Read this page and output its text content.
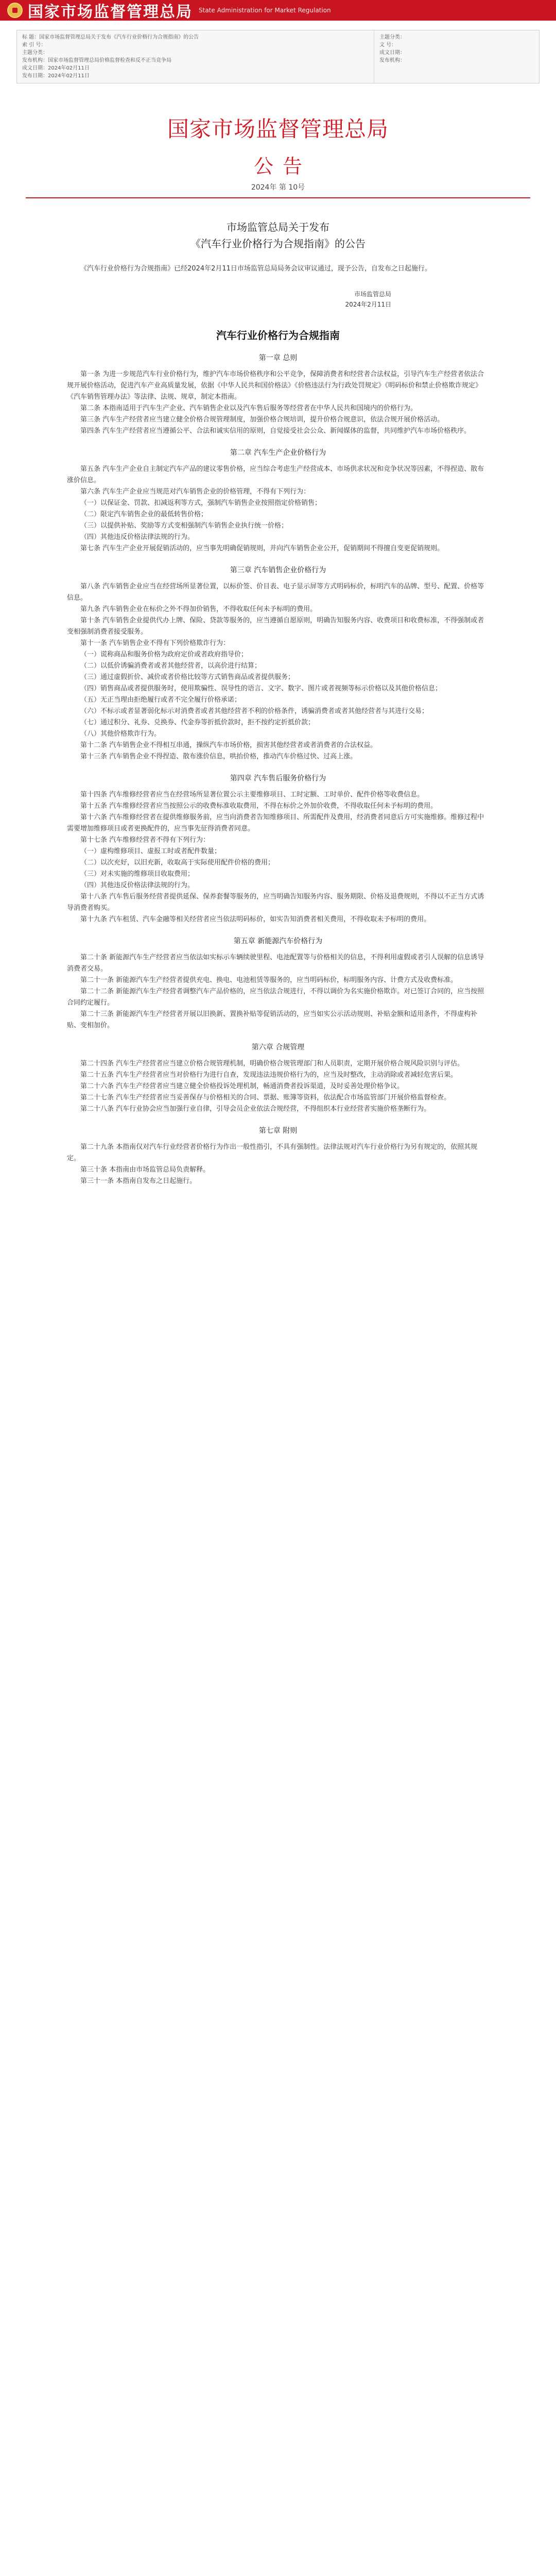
国家市场监督管理总局 State Administration for Market Regulation
标 题：国家市场监督管理总局关于发布《汽车行业价格行为合规指南》的公告
索 引 号：
主题分类：
发布机构：国家市场监督管理总局价格监督检查和反不正当竞争局
成文日期：2024年02月11日
发布日期：2024年02月11日
主题分类：
文 号：
成文日期：
发布机构：
国家市场监督管理总局
公告
2024年 第 10号
市场监管总局关于发布
《汽车行业价格行为合规指南》的公告

《汽车行业价格行为合规指南》已经2024年2月11日市场监管总局局务会议审议通过，现予公告，自发布之日起施行。

市场监管总局
2024年2月11日
汽车行业价格行为合规指南
第一章 总则

第一条 为进一步规范汽车行业价格行为，维护汽车市场价格秩序和公平竞争，保障消费者和经营者合法权益，引导汽车生产经营者依法合规开展价格活动，促进汽车产业高质量发展，依据《中华人民共和国价格法》《价格违法行为行政处罚规定》《明码标价和禁止价格欺诈规定》《汽车销售管理办法》等法律、法规、规章，制定本指南。

第二条 本指南适用于汽车生产企业、汽车销售企业以及汽车售后服务等经营者在中华人民共和国境内的价格行为。

第三条 汽车生产经营者应当建立健全价格合规管理制度，加强价格合规培训，提升价格合规意识，依法合规开展价格活动。

第四条 汽车生产经营者应当遵循公平、合法和诚实信用的原则，自觉接受社会公众、新闻媒体的监督，共同维护汽车市场价格秩序。

第二章 汽车生产企业价格行为

第五条 汽车生产企业自主制定汽车产品的建议零售价格，应当综合考虑生产经营成本、市场供求状况和竞争状况等因素，不得捏造、散布涨价信息。

第六条 汽车生产企业应当规范对汽车销售企业的价格管理，不得有下列行为：

（一）以保证金、罚款、扣减返利等方式，强制汽车销售企业按照指定价格销售；

（二）限定汽车销售企业的最低转售价格；

（三）以提供补贴、奖励等方式变相强制汽车销售企业执行统一价格；

（四）其他违反价格法律法规的行为。

第七条 汽车生产企业开展促销活动的，应当事先明确促销规则，并向汽车销售企业公开，促销期间不得擅自变更促销规则。

第三章 汽车销售企业价格行为

第八条 汽车销售企业应当在经营场所显著位置，以标价签、价目表、电子显示屏等方式明码标价，标明汽车的品牌、型号、配置、价格等信息。

第九条 汽车销售企业在标价之外不得加价销售，不得收取任何未予标明的费用。

第十条 汽车销售企业提供代办上牌、保险、贷款等服务的，应当遵循自愿原则，明确告知服务内容、收费项目和收费标准，不得强制或者变相强制消费者接受服务。

第十一条 汽车销售企业不得有下列价格欺诈行为：

（一）谎称商品和服务价格为政府定价或者政府指导价；

（二）以低价诱骗消费者或者其他经营者，以高价进行结算；

（三）通过虚假折价、减价或者价格比较等方式销售商品或者提供服务；

（四）销售商品或者提供服务时，使用欺骗性、误导性的语言、文字、数字、图片或者视频等标示价格以及其他价格信息；

（五）无正当理由拒绝履行或者不完全履行价格承诺；

（六）不标示或者显著弱化标示对消费者或者其他经营者不利的价格条件，诱骗消费者或者其他经营者与其进行交易；

（七）通过积分、礼券、兑换券、代金券等折抵价款时，拒不按约定折抵价款；

（八）其他价格欺诈行为。

第十二条 汽车销售企业不得相互串通，操纵汽车市场价格，损害其他经营者或者消费者的合法权益。

第十三条 汽车销售企业不得捏造、散布涨价信息，哄抬价格，推动汽车价格过快、过高上涨。

第四章 汽车售后服务价格行为

第十四条 汽车维修经营者应当在经营场所显著位置公示主要维修项目、工时定额、工时单价、配件价格等收费信息。

第十五条 汽车维修经营者应当按照公示的收费标准收取费用，不得在标价之外加价收费，不得收取任何未予标明的费用。

第十六条 汽车维修经营者在提供维修服务前，应当向消费者告知维修项目、所需配件及费用，经消费者同意后方可实施维修。维修过程中需要增加维修项目或者更换配件的，应当事先征得消费者同意。

第十七条 汽车维修经营者不得有下列行为：

（一）虚构维修项目、虚报工时或者配件数量；

（二）以次充好，以旧充新，收取高于实际使用配件价格的费用；

（三）对未实施的维修项目收取费用；

（四）其他违反价格法律法规的行为。

第十八条 汽车售后服务经营者提供延保、保养套餐等服务的，应当明确告知服务内容、服务期限、价格及退费规则，不得以不正当方式诱导消费者购买。

第十九条 汽车租赁、汽车金融等相关经营者应当依法明码标价，如实告知消费者相关费用，不得收取未予标明的费用。

第五章 新能源汽车价格行为

第二十条 新能源汽车生产经营者应当依法如实标示车辆续驶里程、电池配置等与价格相关的信息，不得利用虚假或者引人误解的信息诱导消费者交易。

第二十一条 新能源汽车生产经营者提供充电、换电、电池租赁等服务的，应当明码标价，标明服务内容、计费方式及收费标准。

第二十二条 新能源汽车生产经营者调整汽车产品价格的，应当依法合规进行，不得以调价为名实施价格欺诈。对已签订合同的，应当按照合同约定履行。

第二十三条 新能源汽车生产经营者开展以旧换新、置换补贴等促销活动的，应当如实公示活动规则、补贴金额和适用条件，不得虚构补贴、变相加价。

第六章 合规管理

第二十四条 汽车生产经营者应当建立价格合规管理机制，明确价格合规管理部门和人员职责，定期开展价格合规风险识别与评估。

第二十五条 汽车生产经营者应当对价格行为进行自查，发现违法违规价格行为的，应当及时整改，主动消除或者减轻危害后果。

第二十六条 汽车生产经营者应当建立健全价格投诉处理机制，畅通消费者投诉渠道，及时妥善处理价格争议。

第二十七条 汽车生产经营者应当妥善保存与价格相关的合同、票据、账簿等资料，依法配合市场监管部门开展价格监督检查。

第二十八条 汽车行业协会应当加强行业自律，引导会员企业依法合规经营，不得组织本行业经营者实施价格垄断行为。

第七章 附则

第二十九条 本指南仅对汽车行业经营者价格行为作出一般性指引，不具有强制性。法律法规对汽车行业价格行为另有规定的，依照其规定。

第三十条 本指南由市场监管总局负责解释。

第三十一条 本指南自发布之日起施行。
